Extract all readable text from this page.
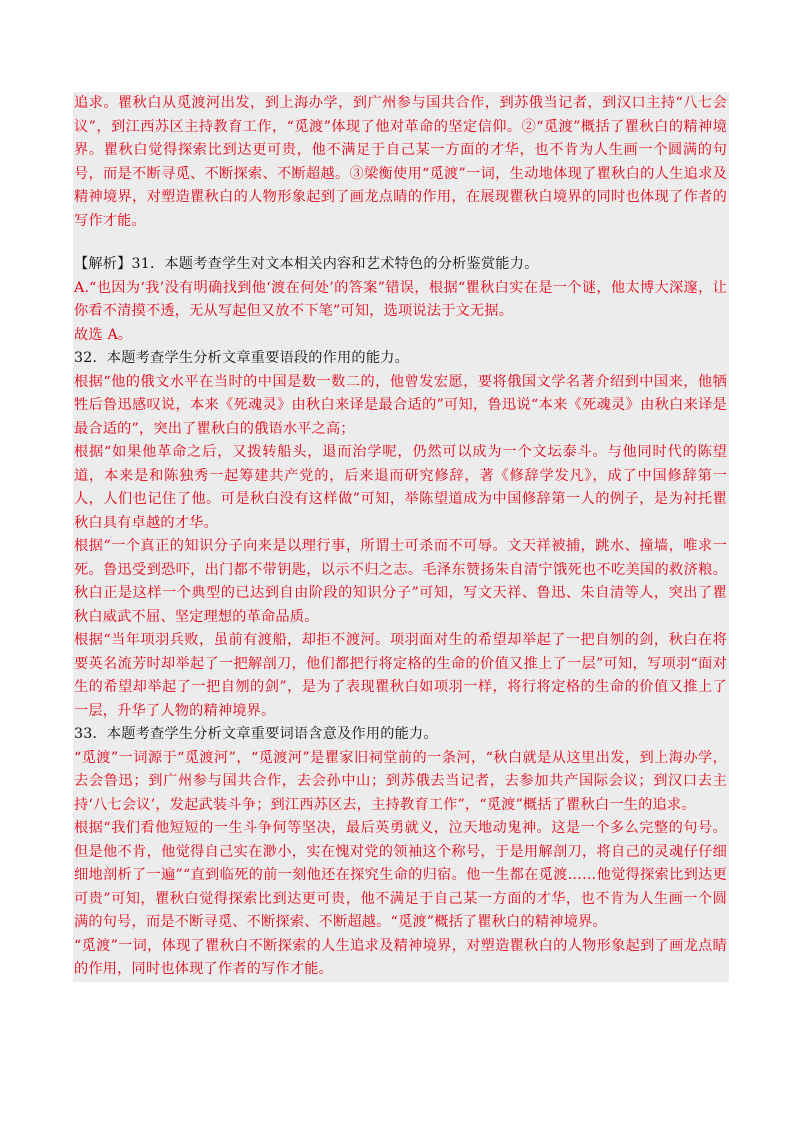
追求。瞿秋白从觅渡河出发，到上海办学，到广州参与国共合作，到苏俄当记者，到汉口主持“八七会议”，到江西苏区主持教育工作，“觅渡”体现了他对革命的坚定信仰。②“觅渡”概括了瞿秋白的精神境界。瞿秋白觉得探索比到达更可贵，他不满足于自己某一方面的才华，也不肯为人生画一个圆满的句号，而是不断寻觅、不断探索、不断超越。③梁衡使用“觅渡”一词，生动地体现了瞿秋白的人生追求及精神境界，对塑造瞿秋白的人物形象起到了画龙点睛的作用，在展现瞿秋白境界的同时也体现了作者的写作才能。

【解析】31．本题考查学生对文本相关内容和艺术特色的分析鉴赏能力。

A.“也因为‘我’没有明确找到他‘渡在何处’的答案”错误，根据“瞿秋白实在是一个谜，他太博大深邃，让你看不清摸不透，无从写起但又放不下笔”可知，选项说法于文无据。

故选 A。

32．本题考查学生分析文章重要语段的作用的能力。

根据“他的俄文水平在当时的中国是数一数二的，他曾发宏愿，要将俄国文学名著介绍到中国来，他牺牲后鲁迅感叹说，本来《死魂灵》由秋白来译是最合适的”可知，鲁迅说“本来《死魂灵》由秋白来译是最合适的”，突出了瞿秋白的俄语水平之高；

根据“如果他革命之后，又拨转船头，退而治学呢，仍然可以成为一个文坛泰斗。与他同时代的陈望道，本来是和陈独秀一起筹建共产党的，后来退而研究修辞，著《修辞学发凡》，成了中国修辞第一人，人们也记住了他。可是秋白没有这样做”可知，举陈望道成为中国修辞第一人的例子，是为衬托瞿秋白具有卓越的才华。

根据“一个真正的知识分子向来是以理行事，所谓士可杀而不可辱。文天祥被捕，跳水、撞墙，唯求一死。鲁迅受到恐吓，出门都不带钥匙，以示不归之志。毛泽东赞扬朱自清宁饿死也不吃美国的救济粮。秋白正是这样一个典型的已达到自由阶段的知识分子”可知，写文天祥、鲁迅、朱自清等人，突出了瞿秋白威武不屈、坚定理想的革命品质。

根据“当年项羽兵败，虽前有渡船，却拒不渡河。项羽面对生的希望却举起了一把自刎的剑，秋白在将要英名流芳时却举起了一把解剖刀，他们都把行将定格的生命的价值又推上了一层”可知，写项羽“面对生的希望却举起了一把自刎的剑”，是为了表现瞿秋白如项羽一样，将行将定格的生命的价值又推上了一层，升华了人物的精神境界。

33．本题考查学生分析文章重要词语含意及作用的能力。

“觅渡”一词源于“觅渡河”，“觅渡河”是瞿家旧祠堂前的一条河，“秋白就是从这里出发，到上海办学，去会鲁迅；到广州参与国共合作，去会孙中山；到苏俄去当记者，去参加共产国际会议；到汉口去主持‘八七会议’，发起武装斗争；到江西苏区去，主持教育工作”，“觅渡”概括了瞿秋白一生的追求。

根据“我们看他短短的一生斗争何等坚决，最后英勇就义，泣天地动鬼神。这是一个多么完整的句号。但是他不肯，他觉得自己实在渺小，实在愧对党的领袖这个称号，于是用解剖刀，将自己的灵魂仔仔细细地剖析了一遍”“直到临死的前一刻他还在探究生命的归宿。他一生都在觅渡……他觉得探索比到达更可贵”可知，瞿秋白觉得探索比到达更可贵，他不满足于自己某一方面的才华，也不肯为人生画一个圆满的句号，而是不断寻觅、不断探索、不断超越。“觅渡”概括了瞿秋白的精神境界。

“觅渡”一词，体现了瞿秋白不断探索的人生追求及精神境界，对塑造瞿秋白的人物形象起到了画龙点睛的作用，同时也体现了作者的写作才能。
